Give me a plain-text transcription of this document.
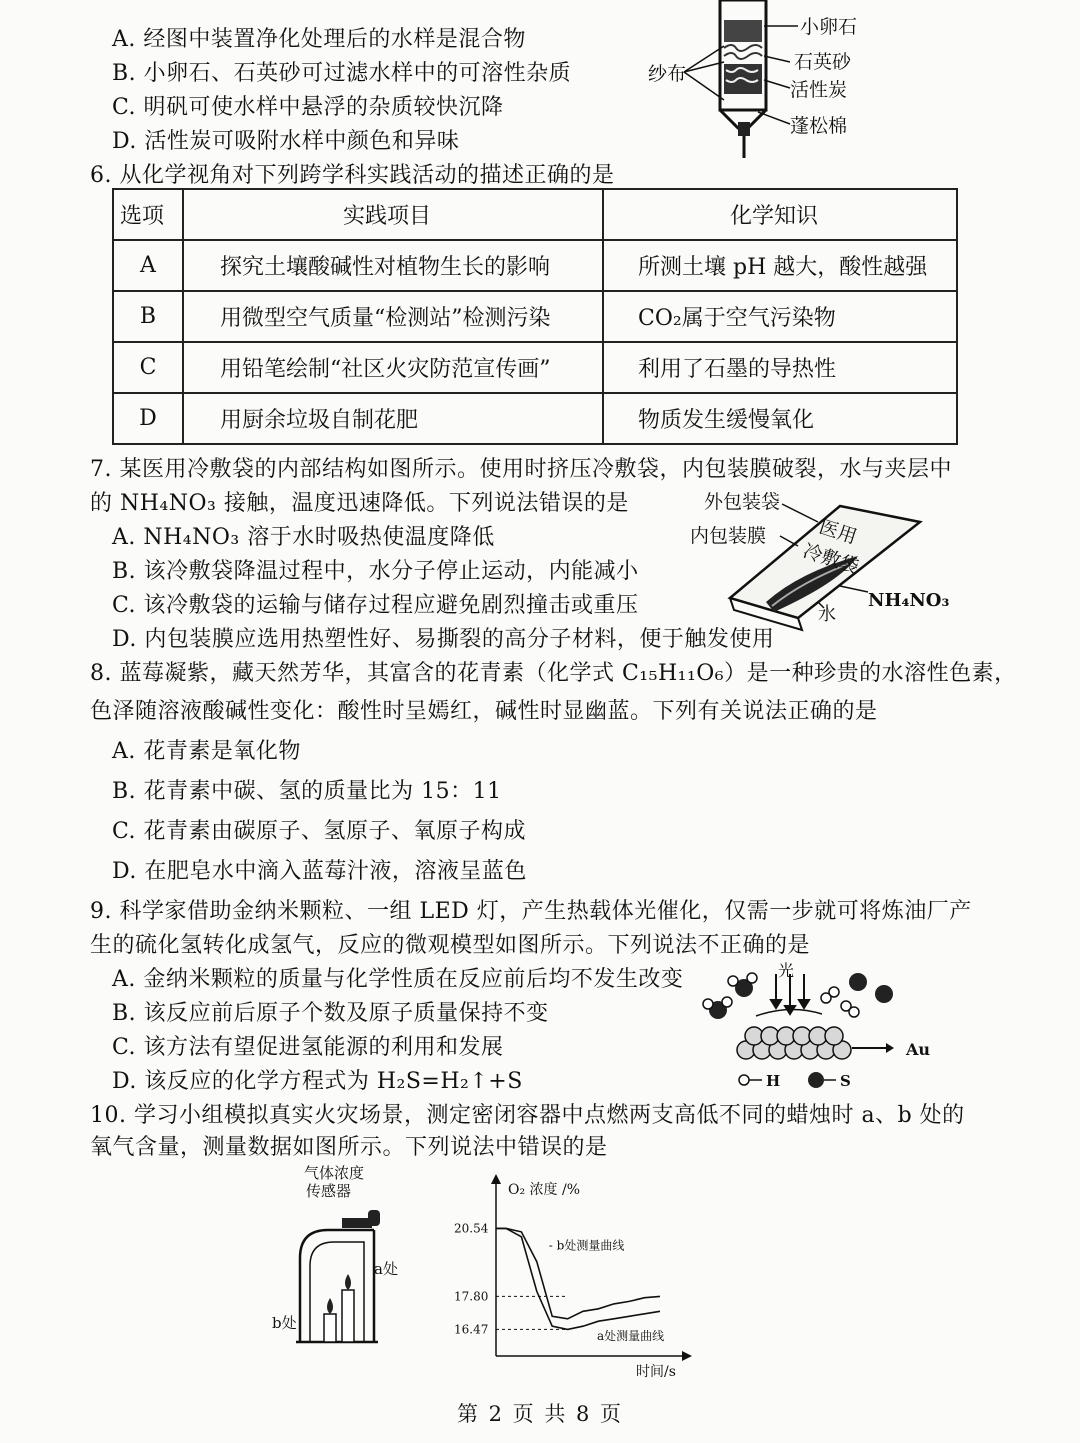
A. 经图中装置净化处理后的水样是混合物
B. 小卵石、石英砂可过滤水样中的可溶性杂质
C. 明矾可使水样中悬浮的杂质较快沉降
D. 活性炭可吸附水样中颜色和异味
小卵石
石英砂
活性炭
蓬松棉
纱布
6. 从化学视角对下列跨学科实践活动的描述正确的是
选项	实践项目	化学知识
A	探究土壤酸碱性对植物生长的影响	所测土壤 pH 越大，酸性越强
B	用微型空气质量“检测站”检测污染	CO₂属于空气污染物
C	用铅笔绘制“社区火灾防范宣传画”	利用了石墨的导热性
D	用厨余垃圾自制花肥	物质发生缓慢氧化
7. 某医用冷敷袋的内部结构如图所示。使用时挤压冷敷袋，内包装膜破裂，水与夹层中
的 NH₄NO₃ 接触，温度迅速降低。下列说法错误的是
A. NH₄NO₃ 溶于水时吸热使温度降低
B. 该冷敷袋降温过程中，水分子停止运动，内能减小
C. 该冷敷袋的运输与储存过程应避免剧烈撞击或重压
D. 内包装膜应选用热塑性好、易撕裂的高分子材料，便于触发使用
外包装袋
内包装膜	医用
冷敷袋
NH₄NO₃
水
8. 蓝莓凝紫，藏天然芳华，其富含的花青素（化学式 C₁₅H₁₁O₆）是一种珍贵的水溶性色素，
色泽随溶液酸碱性变化：酸性时呈嫣红，碱性时显幽蓝。下列有关说法正确的是
A. 花青素是氧化物
B. 花青素中碳、氢的质量比为 15：11
C. 花青素由碳原子、氢原子、氧原子构成
D. 在肥皂水中滴入蓝莓汁液，溶液呈蓝色
9. 科学家借助金纳米颗粒、一组 LED 灯，产生热载体光催化，仅需一步就可将炼油厂产
生的硫化氢转化成氢气，反应的微观模型如图所示。下列说法不正确的是
A. 金纳米颗粒的质量与化学性质在反应前后均不发生改变
B. 该反应前后原子个数及原子质量保持不变
C. 该方法有望促进氢能源的利用和发展
D. 该反应的化学方程式为 H₂S=H₂↑+S
光
Au
H	S
10. 学习小组模拟真实火灾场景，测定密闭容器中点燃两支高低不同的蜡烛时 a、b 处的
氧气含量，测量数据如图所示。下列说法中错误的是
气体浓度
传感器
a处
b处
O₂ 浓度 /%
时间/s
20.54
17.80
16.47
- b处测量曲线
a处测量曲线
第 2 页 共 8 页
